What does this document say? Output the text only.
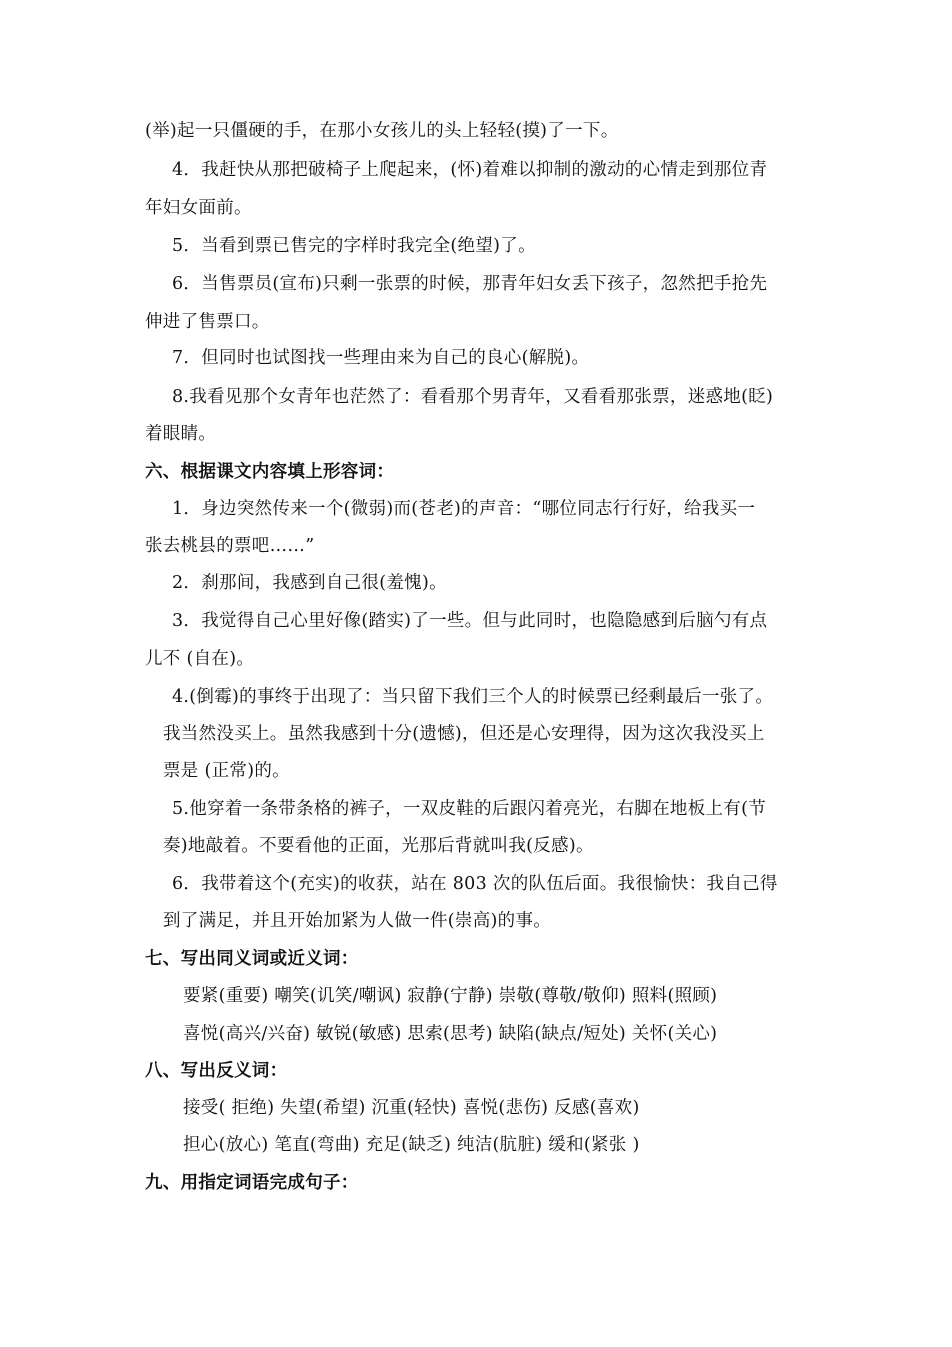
(举)起一只僵硬的手，在那小女孩儿的头上轻轻(摸)了一下。
4．我赶快从那把破椅子上爬起来，(怀)着难以抑制的激动的心情走到那位青
年妇女面前。
5．当看到票已售完的字样时我完全(绝望)了。
6．当售票员(宣布)只剩一张票的时候，那青年妇女丢下孩子，忽然把手抢先
伸进了售票口。
7．但同时也试图找一些理由来为自己的良心(解脱)。
8.我看见那个女青年也茫然了：看看那个男青年，又看看那张票，迷惑地(眨)
着眼睛。
六、根据课文内容填上形容词：
1．身边突然传来一个(微弱)而(苍老)的声音：“哪位同志行行好，给我买一
张去桃县的票吧……”
2．刹那间，我感到自己很(羞愧)。
3．我觉得自己心里好像(踏实)了一些。但与此同时，也隐隐感到后脑勺有点
儿不 (自在)。
4.(倒霉)的事终于出现了：当只留下我们三个人的时候票已经剩最后一张了。
我当然没买上。虽然我感到十分(遗憾)，但还是心安理得，因为这次我没买上
票是 (正常)的。
5.他穿着一条带条格的裤子，一双皮鞋的后跟闪着亮光，右脚在地板上有(节
奏)地敲着。不要看他的正面，光那后背就叫我(反感)。
6．我带着这个(充实)的收获，站在 803 次的队伍后面。我很愉快：我自己得
到了满足，并且开始加紧为人做一件(崇高)的事。
七、写出同义词或近义词：
要紧(重要) 嘲笑(讥笑/嘲讽) 寂静(宁静) 崇敬(尊敬/敬仰) 照料(照顾)
喜悦(高兴/兴奋) 敏锐(敏感) 思索(思考) 缺陷(缺点/短处) 关怀(关心)
八、写出反义词：
接受( 拒绝) 失望(希望) 沉重(轻快) 喜悦(悲伤) 反感(喜欢)
担心(放心) 笔直(弯曲) 充足(缺乏) 纯洁(肮脏) 缓和(紧张 )
九、用指定词语完成句子：
